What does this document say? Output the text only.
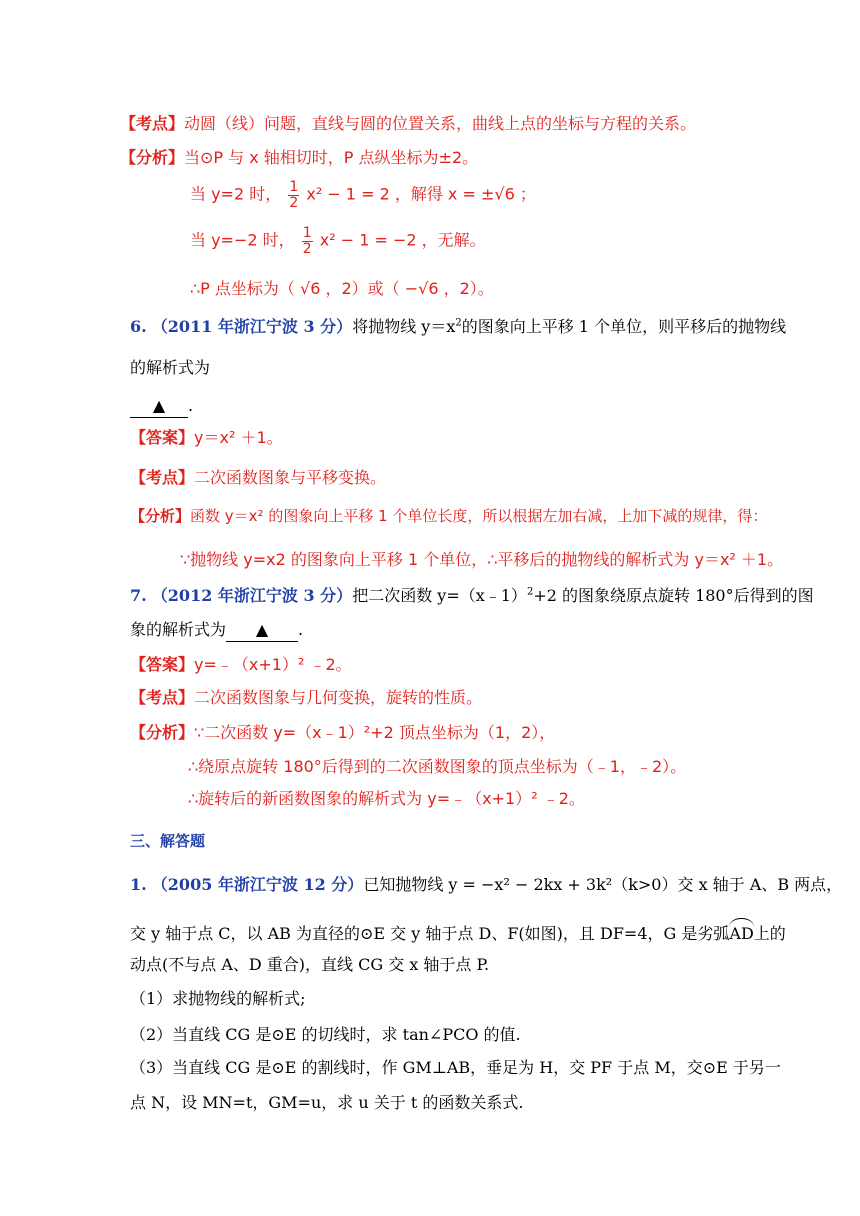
【考点】动圆（线）问题，直线与圆的位置关系，曲线上点的坐标与方程的关系。
【分析】当⊙P 与 x 轴相切时，P 点纵坐标为±2。
当 y=2 时， $\frac{1}{2} x^2 - 1 = 2$ ，解得 x = ±√6 ；
当 y=−2 时， $\frac{1}{2} x^2 - 1 = -2$ ，无解。
∴P 点坐标为（ √6 ，2）或（ −√6 ，2）。
6. （2011 年浙江宁波 3 分）将抛物线 $y=x^2$的图象向上平移 1 个单位，则平移后的抛物线
的解析式为
▲ .
【答案】y＝x² ＋1。
【考点】二次函数图象与平移变换。
【分析】函数 y＝x² 的图象向上平移 1 个单位长度，所以根据左加右减，上加下减的规律，得：
∵抛物线 y=x2 的图象向上平移 1 个单位，∴平移后的抛物线的解析式为 y＝x² ＋1。
7. （2012 年浙江宁波 3 分）把二次函数 y=（x﹣1）$^2$+2 的图象绕原点旋转 180°后得到的图
象的解析式为 ▲ .
【答案】y=﹣（x+1）² ﹣2。
【考点】二次函数图象与几何变换，旋转的性质。
【分析】∵二次函数 y=（x﹣1）²+2 顶点坐标为（1，2），
∴绕原点旋转 180°后得到的二次函数图象的顶点坐标为（﹣1，﹣2）。
∴旋转后的新函数图象的解析式为 y=﹣（x+1）² ﹣2。
三、解答题
1. （2005 年浙江宁波 12 分）已知抛物线 y = −x² − 2kx + 3k²（k>0）交 x 轴于 A、B 两点，
交 y 轴于点 C，以 AB 为直径的⊙E 交 y 轴于点 D、F(如图)，且 DF=4，G 是劣弧AD上的
动点(不与点 A、D 重合)，直线 CG 交 x 轴于点 P.
（1）求抛物线的解析式;
（2）当直线 CG 是⊙E 的切线时，求 tan∠PCO 的值.
（3）当直线 CG 是⊙E 的割线时，作 GM⊥AB，垂足为 H，交 PF 于点 M，交⊙E 于另一
点 N，设 MN=t，GM=u，求 u 关于 t 的函数关系式.
